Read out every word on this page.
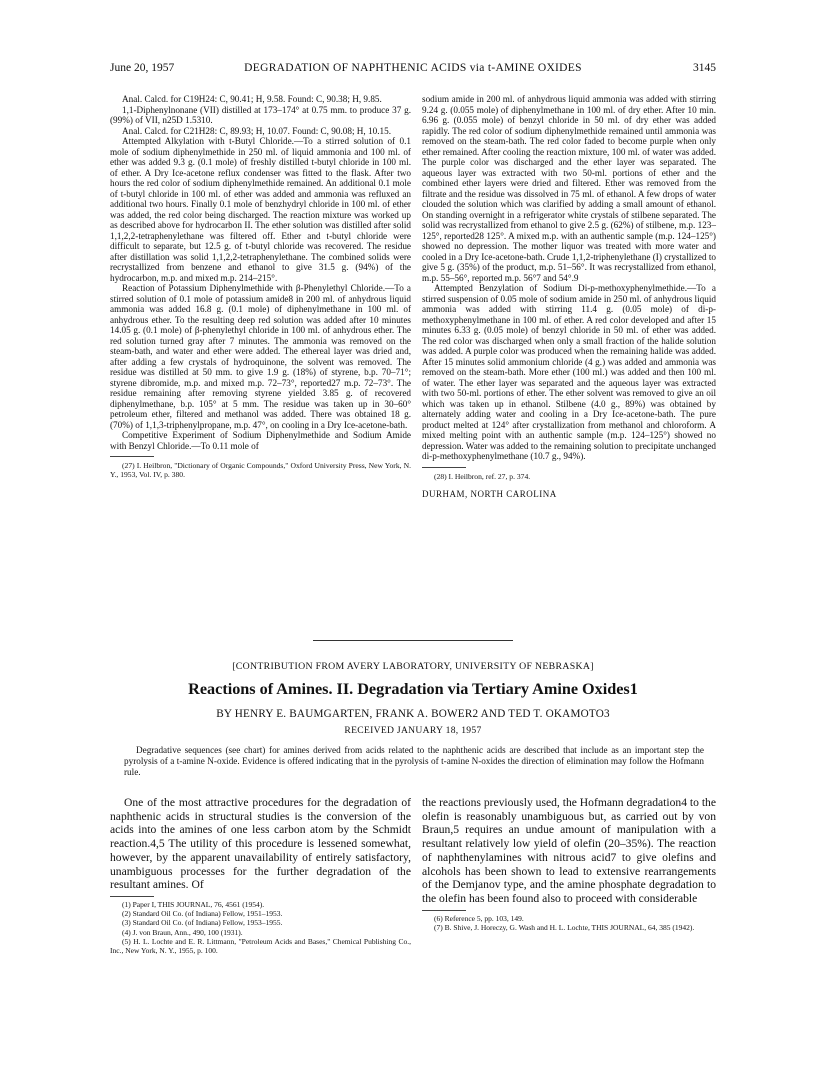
June 20, 1957	DEGRADATION OF NAPHTHENIC ACIDS via t-AMINE OXIDES	3145

Anal. Calcd. for C19H24: C, 90.41; H, 9.58. Found: C, 90.38; H, 9.85.

1,1-Diphenylnonane (VII) distilled at 173–174° at 0.75 mm. to produce 37 g. (99%) of VII, n25D 1.5310.

Anal. Calcd. for C21H28: C, 89.93; H, 10.07. Found: C, 90.08; H, 10.15.

Attempted Alkylation with t-Butyl Chloride.—To a stirred solution of 0.1 mole of sodium diphenylmethide in 250 ml. of liquid ammonia and 100 ml. of ether was added 9.3 g. (0.1 mole) of freshly distilled t-butyl chloride in 100 ml. of ether. A Dry Ice-acetone reflux condenser was fitted to the flask. After two hours the red color of sodium diphenylmethide remained. An additional 0.1 mole of t-butyl chloride in 100 ml. of ether was added and ammonia was refluxed an additional two hours. Finally 0.1 mole of benzhydryl chloride in 100 ml. of ether was added, the red color being discharged. The reaction mixture was worked up as described above for hydrocarbon II. The ether solution was distilled after solid 1,1,2,2-tetraphenylethane was filtered off. Ether and t-butyl chloride were difficult to separate, but 12.5 g. of t-butyl chloride was recovered. The residue after distillation was solid 1,1,2,2-tetraphenylethane. The combined solids were recrystallized from benzene and ethanol to give 31.5 g. (94%) of the hydrocarbon, m.p. and mixed m.p. 214–215°.

Reaction of Potassium Diphenylmethide with β-Phenylethyl Chloride.—To a stirred solution of 0.1 mole of potassium amide8 in 200 ml. of anhydrous liquid ammonia was added 16.8 g. (0.1 mole) of diphenylmethane in 100 ml. of anhydrous ether. To the resulting deep red solution was added after 10 minutes 14.05 g. (0.1 mole) of β-phenylethyl chloride in 100 ml. of anhydrous ether. The red solution turned gray after 7 minutes. The ammonia was removed on the steam-bath, and water and ether were added. The ethereal layer was dried and, after adding a few crystals of hydroquinone, the solvent was removed. The residue was distilled at 50 mm. to give 1.9 g. (18%) of styrene, b.p. 70–71°; styrene dibromide, m.p. and mixed m.p. 72–73°, reported27 m.p. 72–73°. The residue remaining after removing styrene yielded 3.85 g. of recovered diphenylmethane, b.p. 105° at 5 mm. The residue was taken up in 30–60° petroleum ether, filtered and methanol was added. There was obtained 18 g. (70%) of 1,1,3-triphenylpropane, m.p. 47°, on cooling in a Dry Ice-acetone-bath.

Competitive Experiment of Sodium Diphenylmethide and Sodium Amide with Benzyl Chloride.—To 0.11 mole of

(27) I. Heilbron, "Dictionary of Organic Compounds," Oxford University Press, New York, N. Y., 1953, Vol. IV, p. 380.

sodium amide in 200 ml. of anhydrous liquid ammonia was added with stirring 9.24 g. (0.055 mole) of diphenylmethane in 100 ml. of dry ether. After 10 min. 6.96 g. (0.055 mole) of benzyl chloride in 50 ml. of dry ether was added rapidly. The red color of sodium diphenylmethide remained until ammonia was removed on the steam-bath. The red color faded to become purple when only ether remained. After cooling the reaction mixture, 100 ml. of water was added. The purple color was discharged and the ether layer was separated. The aqueous layer was extracted with two 50-ml. portions of ether and the combined ether layers were dried and filtered. Ether was removed from the filtrate and the residue was dissolved in 75 ml. of ethanol. A few drops of water clouded the solution which was clarified by adding a small amount of ethanol. On standing overnight in a refrigerator white crystals of stilbene separated. The solid was recrystallized from ethanol to give 2.5 g. (62%) of stilbene, m.p. 123–125°, reported28 125°. A mixed m.p. with an authentic sample (m.p. 124–125°) showed no depression. The mother liquor was treated with more water and cooled in a Dry Ice-acetone-bath. Crude 1,1,2-triphenylethane (I) crystallized to give 5 g. (35%) of the product, m.p. 51–56°. It was recrystallized from ethanol, m.p. 55–56°, reported m.p. 56°7 and 54°.9

Attempted Benzylation of Sodium Di-p-methoxyphenylmethide.—To a stirred suspension of 0.05 mole of sodium amide in 250 ml. of anhydrous liquid ammonia was added with stirring 11.4 g. (0.05 mole) of di-p-methoxyphenylmethane in 100 ml. of ether. A red color developed and after 15 minutes 6.33 g. (0.05 mole) of benzyl chloride in 50 ml. of ether was added. The red color was discharged when only a small fraction of the halide solution was added. A purple color was produced when the remaining halide was added. After 15 minutes solid ammonium chloride (4 g.) was added and ammonia was removed on the steam-bath. More ether (100 ml.) was added and then 100 ml. of water. The ether layer was separated and the aqueous layer was extracted with two 50-ml. portions of ether. The ether solvent was removed to give an oil which was taken up in ethanol. Stilbene (4.0 g., 89%) was obtained by alternately adding water and cooling in a Dry Ice-acetone-bath. The pure product melted at 124° after crystallization from methanol and chloroform. A mixed melting point with an authentic sample (m.p. 124–125°) showed no depression. Water was added to the remaining solution to precipitate unchanged di-p-methoxyphenylmethane (10.7 g., 94%).

(28) I. Heilbron, ref. 27, p. 374.

DURHAM, NORTH CAROLINA
[CONTRIBUTION FROM AVERY LABORATORY, UNIVERSITY OF NEBRASKA]
Reactions of Amines. II. Degradation via Tertiary Amine Oxides1
BY HENRY E. BAUMGARTEN, FRANK A. BOWER2 AND TED T. OKAMOTO3
RECEIVED JANUARY 18, 1957
Degradative sequences (see chart) for amines derived from acids related to the naphthenic acids are described that include as an important step the pyrolysis of a t-amine N-oxide. Evidence is offered indicating that in the pyrolysis of t-amine N-oxides the direction of elimination may follow the Hofmann rule.

One of the most attractive procedures for the degradation of naphthenic acids in structural studies is the conversion of the acids into the amines of one less carbon atom by the Schmidt reaction.4,5 The utility of this procedure is lessened somewhat, however, by the apparent unavailability of entirely satisfactory, unambiguous processes for the further degradation of the resultant amines. Of

(1) Paper I, THIS JOURNAL, 76, 4561 (1954).

(2) Standard Oil Co. (of Indiana) Fellow, 1951–1953.

(3) Standard Oil Co. (of Indiana) Fellow, 1953–1955.

(4) J. von Braun, Ann., 490, 100 (1931).

(5) H. L. Lochte and E. R. Littmann, "Petroleum Acids and Bases," Chemical Publishing Co., Inc., New York, N. Y., 1955, p. 100.

the reactions previously used, the Hofmann degradation4 to the olefin is reasonably unambiguous but, as carried out by von Braun,5 requires an undue amount of manipulation with a resultant relatively low yield of olefin (20–35%). The reaction of naphthenylamines with nitrous acid7 to give olefins and alcohols has been shown to lead to extensive rearrangements of the Demjanov type, and the amine phosphate degradation to the olefin has been found also to proceed with considerable

(6) Reference 5, pp. 103, 149.

(7) B. Shive, J. Horeczy, G. Wash and H. L. Lochte, THIS JOURNAL, 64, 385 (1942).
